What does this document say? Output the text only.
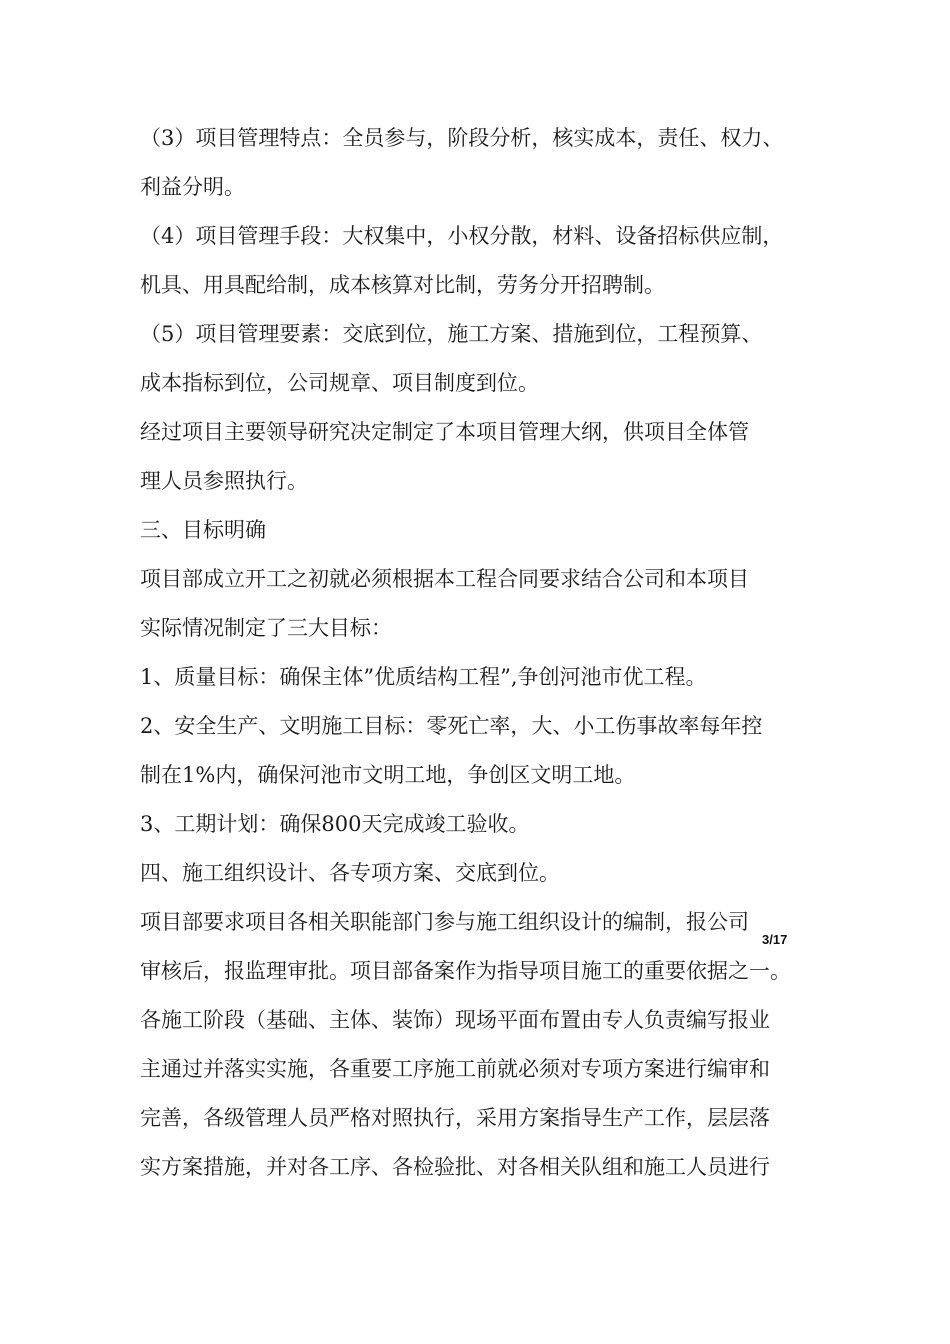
（3）项目管理特点：全员参与，阶段分析，核实成本，责任、权力、
利益分明。
（4）项目管理手段：大权集中，小权分散，材料、设备招标供应制，
机具、用具配给制，成本核算对比制，劳务分开招聘制。
（5）项目管理要素：交底到位，施工方案、措施到位，工程预算、
成本指标到位，公司规章、项目制度到位。
经过项目主要领导研究决定制定了本项目管理大纲，供项目全体管
理人员参照执行。
三、目标明确
项目部成立开工之初就必须根据本工程合同要求结合公司和本项目
实际情况制定了三大目标：
1、质量目标：确保主体”优质结构工程”,争创河池市优工程。
2、安全生产、文明施工目标：零死亡率，大、小工伤事故率每年控
制在1%内，确保河池市文明工地，争创区文明工地。
3、工期计划：确保800天完成竣工验收。
四、施工组织设计、各专项方案、交底到位。
项目部要求项目各相关职能部门参与施工组织设计的编制，报公司
审核后，报监理审批。项目部备案作为指导项目施工的重要依据之一。
各施工阶段（基础、主体、装饰）现场平面布置由专人负责编写报业
主通过并落实实施，各重要工序施工前就必须对专项方案进行编审和
完善，各级管理人员严格对照执行，采用方案指导生产工作，层层落
实方案措施，并对各工序、各检验批、对各相关队组和施工人员进行
3/17
